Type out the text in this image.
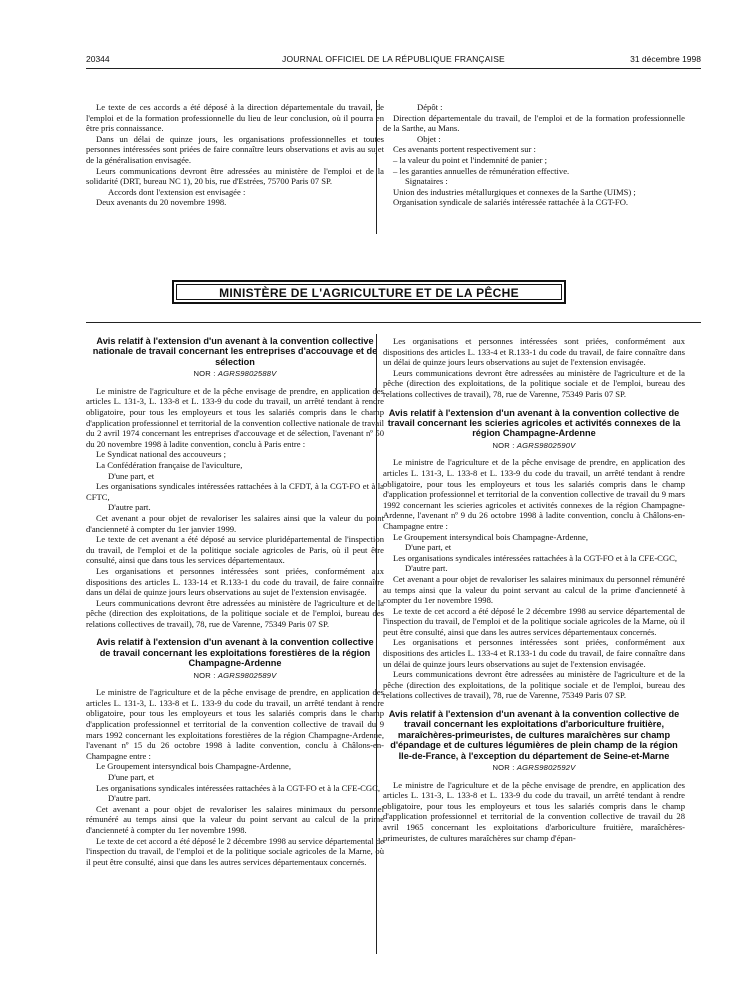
20344	JOURNAL OFFICIEL DE LA RÉPUBLIQUE FRANÇAISE	31 décembre 1998

Le texte de ces accords a été déposé à la direction départementale du travail, de l'emploi et de la formation professionnelle du lieu de leur conclusion, où il pourra en être pris connaissance.

Dans un délai de quinze jours, les organisations professionnelles et toutes personnes intéressées sont priées de faire connaître leurs observations et avis au sujet de la généralisation envisagée.

Leurs communications devront être adressées au ministère de l'emploi et de la solidarité (DRT, bureau NC 1), 20 bis, rue d'Estrées, 75700 Paris 07 SP.

Accords dont l'extension est envisagée :

Deux avenants du 20 novembre 1998.

Dépôt :

Direction départementale du travail, de l'emploi et de la formation professionnelle de la Sarthe, au Mans.

Objet :

Ces avenants portent respectivement sur :

– la valeur du point et l'indemnité de panier ;

– les garanties annuelles de rémunération effective.

Signataires :

Union des industries métallurgiques et connexes de la Sarthe (UIMS) ;

Organisation syndicale de salariés intéressée rattachée à la CGT-FO.

MINISTÈRE DE L'AGRICULTURE ET DE LA PÊCHE
Avis relatif à l'extension d'un avenant à la convention collective nationale de travail concernant les entreprises d'accouvage et de sélection
NOR : AGRS9802588V

Le ministre de l'agriculture et de la pêche envisage de prendre, en application des articles L. 131-3, L. 133-8 et L. 133-9 du code du travail, un arrêté tendant à rendre obligatoire, pour tous les employeurs et tous les salariés compris dans le champ d'application professionnel et territorial de la convention collective nationale de travail du 2 avril 1974 concernant les entreprises d'accouvage et de sélection, l'avenant nº 50 du 20 novembre 1998 à ladite convention, conclu à Paris entre :

Le Syndicat national des accouveurs ;

La Confédération française de l'aviculture,

D'une part, et

Les organisations syndicales intéressées rattachées à la CFDT, à la CGT-FO et à la CFTC,

D'autre part.

Cet avenant a pour objet de revaloriser les salaires ainsi que la valeur du point d'ancienneté à compter du 1er janvier 1999.

Le texte de cet avenant a été déposé au service pluridépartemental de l'inspection du travail, de l'emploi et de la politique sociale agricoles de Paris, où il peut être consulté, ainsi que dans tous les services départementaux.

Les organisations et personnes intéressées sont priées, conformément aux dispositions des articles L. 133-14 et R.133-1 du code du travail, de faire connaître dans un délai de quinze jours leurs observations au sujet de l'extension envisagée.

Leurs communications devront être adressées au ministère de l'agriculture et de la pêche (direction des exploitations, de la politique sociale et de l'emploi, bureau des relations collectives de travail), 78, rue de Varenne, 75349 Paris 07 SP.

Avis relatif à l'extension d'un avenant à la convention collective de travail concernant les exploitations forestières de la région Champagne-Ardenne
NOR : AGRS9802589V

Le ministre de l'agriculture et de la pêche envisage de prendre, en application des articles L. 131-3, L. 133-8 et L. 133-9 du code du travail, un arrêté tendant à rendre obligatoire, pour tous les employeurs et tous les salariés compris dans le champ d'application professionnel et territorial de la convention collective de travail du 9 mars 1992 concernant les exploitations forestières de la région Champagne-Ardenne, l'avenant nº 15 du 26 octobre 1998 à ladite convention, conclu à Châlons-en-Champagne entre :

Le Groupement intersyndical bois Champagne-Ardenne,

D'une part, et

Les organisations syndicales intéressées rattachées à la CGT-FO et à la CFE-CGC,

D'autre part.

Cet avenant a pour objet de revaloriser les salaires minimaux du personnel rémunéré au temps ainsi que la valeur du point servant au calcul de la prime d'ancienneté à compter du 1er novembre 1998.

Le texte de cet accord a été déposé le 2 décembre 1998 au service départemental de l'inspection du travail, de l'emploi et de la politique sociale agricoles de la Marne, où il peut être consulté, ainsi que dans les autres services départementaux concernés.

Les organisations et personnes intéressées sont priées, conformément aux dispositions des articles L. 133-4 et R.133-1 du code du travail, de faire connaître dans un délai de quinze jours leurs observations au sujet de l'extension envisagée.

Leurs communications devront être adressées au ministère de l'agriculture et de la pêche (direction des exploitations, de la politique sociale et de l'emploi, bureau des relations collectives de travail), 78, rue de Varenne, 75349 Paris 07 SP.

Avis relatif à l'extension d'un avenant à la convention collective de travail concernant les scieries agricoles et activités connexes de la région Champagne-Ardenne
NOR : AGRS9802590V

Le ministre de l'agriculture et de la pêche envisage de prendre, en application des articles L. 131-3, L. 133-8 et L. 133-9 du code du travail, un arrêté tendant à rendre obligatoire, pour tous les employeurs et tous les salariés compris dans le champ d'application professionnel et territorial de la convention collective de travail du 9 mars 1992 concernant les scieries agricoles et activités connexes de la région Champagne-Ardenne, l'avenant nº 9 du 26 octobre 1998 à ladite convention, conclu à Châlons-en-Champagne entre :

Le Groupement intersyndical bois Champagne-Ardenne,

D'une part, et

Les organisations syndicales intéressées rattachées à la CGT-FO et à la CFE-CGC,

D'autre part.

Cet avenant a pour objet de revaloriser les salaires minimaux du personnel rémunéré au temps ainsi que la valeur du point servant au calcul de la prime d'ancienneté à compter du 1er novembre 1998.

Le texte de cet accord a été déposé le 2 décembre 1998 au service départemental de l'inspection du travail, de l'emploi et de la politique sociale agricoles de la Marne, où il peut être consulté, ainsi que dans les autres services départementaux concernés.

Les organisations et personnes intéressées sont priées, conformément aux dispositions des articles L. 133-4 et R.133-1 du code du travail, de faire connaître dans un délai de quinze jours leurs observations au sujet de l'extension envisagée.

Leurs communications devront être adressées au ministère de l'agriculture et de la pêche (direction des exploitations, de la politique sociale et de l'emploi, bureau des relations collectives de travail), 78, rue de Varenne, 75349 Paris 07 SP.

Avis relatif à l'extension d'un avenant à la convention collective de travail concernant les exploitations d'arboriculture fruitière, maraîchères-primeuristes, de cultures maraîchères sur champ d'épandage et de cultures légumières de plein champ de la région Ile-de-France, à l'exception du département de Seine-et-Marne
NOR : AGRS9802592V

Le ministre de l'agriculture et de la pêche envisage de prendre, en application des articles L. 131-3, L. 133-8 et L. 133-9 du code du travail, un arrêté tendant à rendre obligatoire, pour tous les employeurs et tous les salariés compris dans le champ d'application professionnel et territorial de la convention collective de travail du 28 avril 1965 concernant les exploitations d'arboriculture fruitière, maraîchères-primeuristes, de cultures maraîchères sur champ d'épan-
